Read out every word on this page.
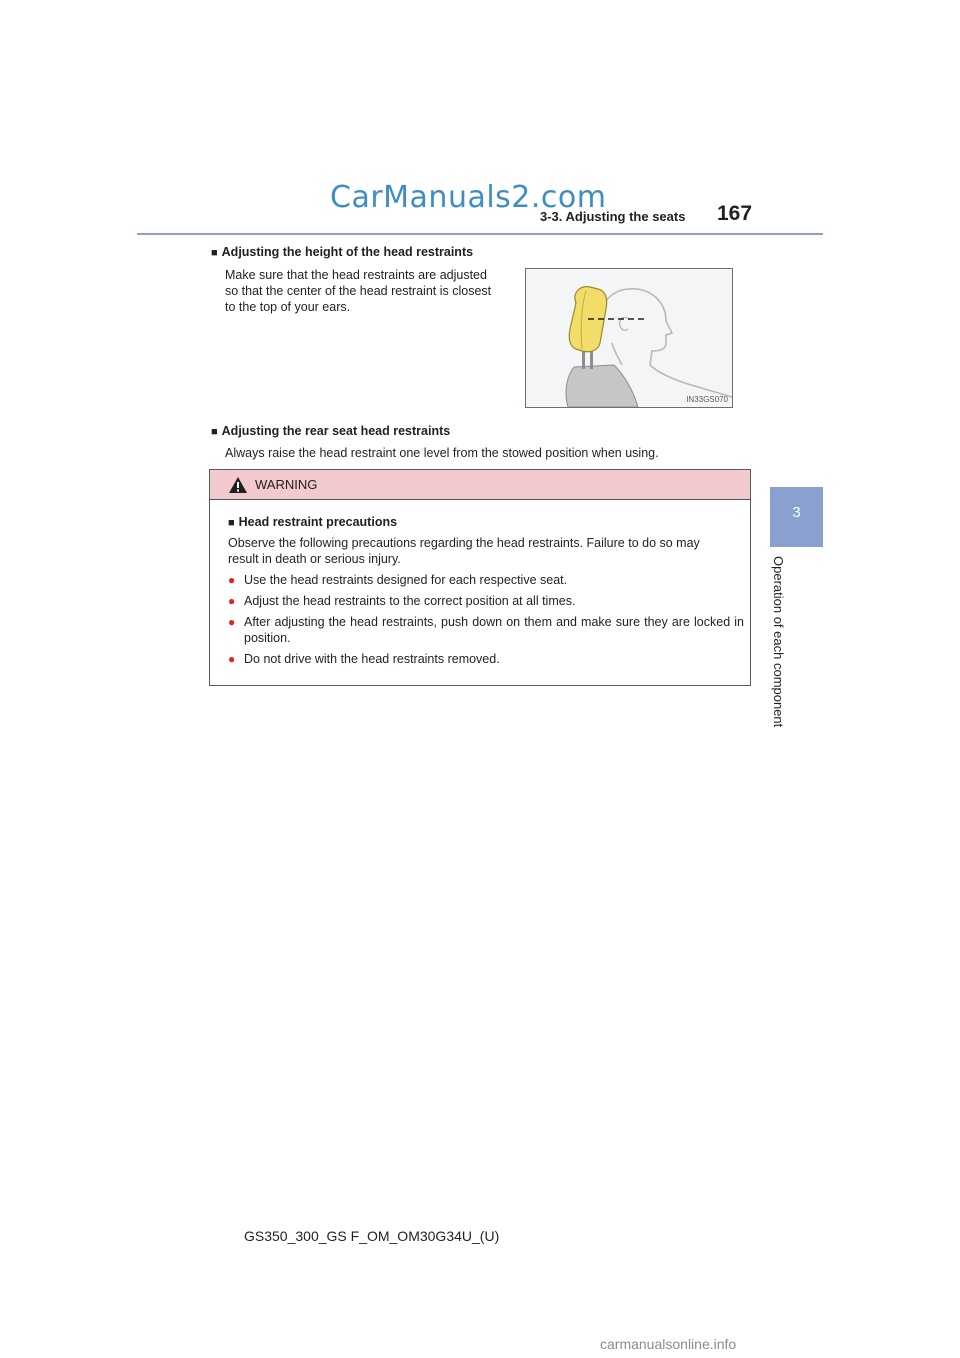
CarManuals2.com
3-3. Adjusting the seats 167
3
Operation of each component
■ Adjusting the height of the head restraints
Make sure that the head restraints are adjusted
so that the center of the head restraint is closest
to the top of your ears.
IN33GS070
■ Adjusting the rear seat head restraints
Always raise the head restraint one level from the stowed position when using.
WARNING
■ Head restraint precautions
Observe the following precautions regarding the head restraints. Failure to do so may
result in death or serious injury.
● Use the head restraints designed for each respective seat.
● Adjust the head restraints to the correct position at all times.
● After adjusting the head restraints, push down on them and make sure they are locked in position.
● Do not drive with the head restraints removed.
GS350_300_GS F_OM_OM30G34U_(U)
carmanualsonline.info
